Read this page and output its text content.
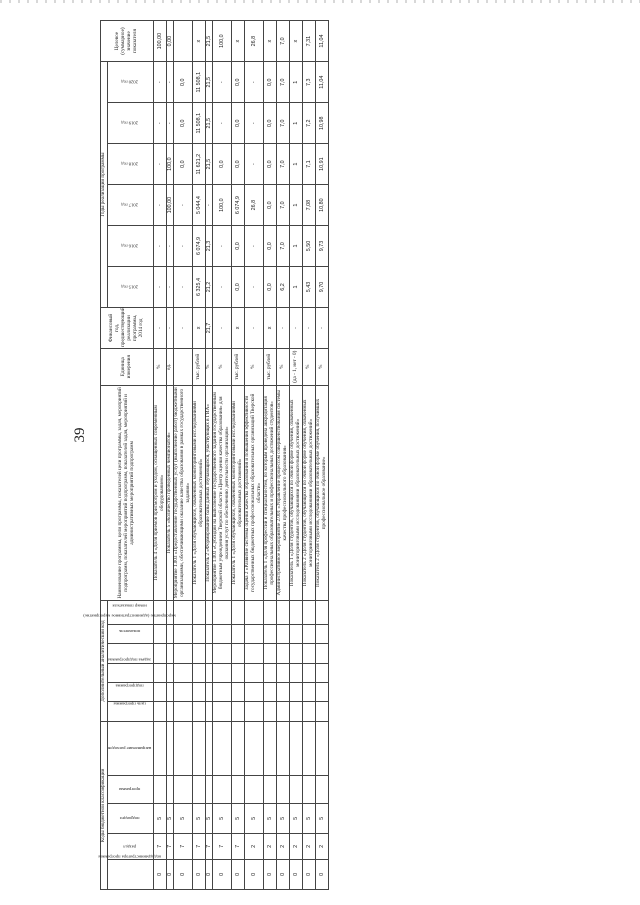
39
Коды бюджетной классификации					Дополнительный аналитический код						Наименование программы, цели программы, показателей цели программы, задач, мероприятий подпрограмм, показателей мероприятий подпрограмм, показателей задач, мероприятий и административных мероприятий подпрограмм	Единица измерения	Финансовый год, предшествующий реализации программы, 2014 год	Годы реализации программы						Целевое (суммарное) значение показателя
код администратора программы	раздел	подраздел	программа	направление расходов	цель программы	подпрограмма	задача подпрограммы	мероприятие (административное мероприятие)	показатель	номер показателя				2015 год	2016 год	2017 год	2018 год	2019 год	2020 год	
0	7	5									Показатель 4 «Доля приемов присмотром и уходом, оснащённых современным оборудованием»	%	-	-	-	-	-	-	-	100,00
0	7	5									Показатель 5 «Количество проведенных чемпионатов»	ед.	-	-	-	100,00	100,0	-	-	0,00
0	7	5									Мероприятие 1.003 «Предоставление государственных услуг (выполнение работ) бюджетными организациями, обеспечивающими оказание качества образования в рамках государственного задания»		-	-	-	-	0,0	0,0	0,0	
0	7	5									Показатель 1 «Доля обучающихся, охваченных мониторинговыми исследованиями образовательных достижений»	тыс. рублей	x	6 325,4	6 074,9	5 044,4	11 621,2	11 508,1	11 508,1	x
0	7	5									Показатель 2 «Формирование базы данных обучающихся, участвующих в ГИА»	%	21,7	21,2	21,3	-	21,5	21,5	21,5	21,5
0	7	5									Мероприятие 1.003 «Субсидии на выполнение государственного задания государственным бюджетным учреждением Тверской области «Центр оценки качества образования» для оказания услуг по обеспечению деятельности организации»	%	-	-	-	100,0	0,0	-	-	100,0
0	7	5									Показатель 1 «Доля обучающихся, охваченных мониторинговыми исследованиями образовательных достижений»	тыс. рублей	x	0,0	0,0	6 074,9	0,0	0,0	0,0	x
0	2	5									Задача 2 «Развитие системы оценки качества образования и повышения эффективности государственных бюджетных профессиональных образовательных организаций Тверской области»	%	-	-	-	26,8	-	-	-	26,8
0	2	5									Показатель 1 «Доля профессий и специальностей, по которым проведена аккредитация профессиональных образовательных и профессиональных достижений студентов»	тыс. рублей	x	0,0	0,0	0,0	0,0	0,0	0,0	x
0	2	5									Административное мероприятие 2.001 «Управление процессом совершенствования системы качества профессионального образования»	%	-	6,2	7,0	7,0	7,0	7,0	7,0	7,0
0	2	5									Показатель 1 «Доля студентов, обучающихся по очной форме обучения, охваченных мониторинговыми исследованиями образовательных достижений»	(да - 1, нет - 0)	-	1	1	1	1	1	1	x
0	2	5									Показатель 2 «Доля студентов, обучающихся по очной форме обучения, охваченных мониторинговыми исследованиями образовательных достижений»	%	-	5,43	5,50	7,08	7,1	7,2	7,3	7,31
0	2	5									Показатель 2 «Доля студентов, обучающихся по очной форме обучения, получивших профессиональное образование»	%	-	9,70	9,73	10,80	10,91	10,98	11,04	11,04
